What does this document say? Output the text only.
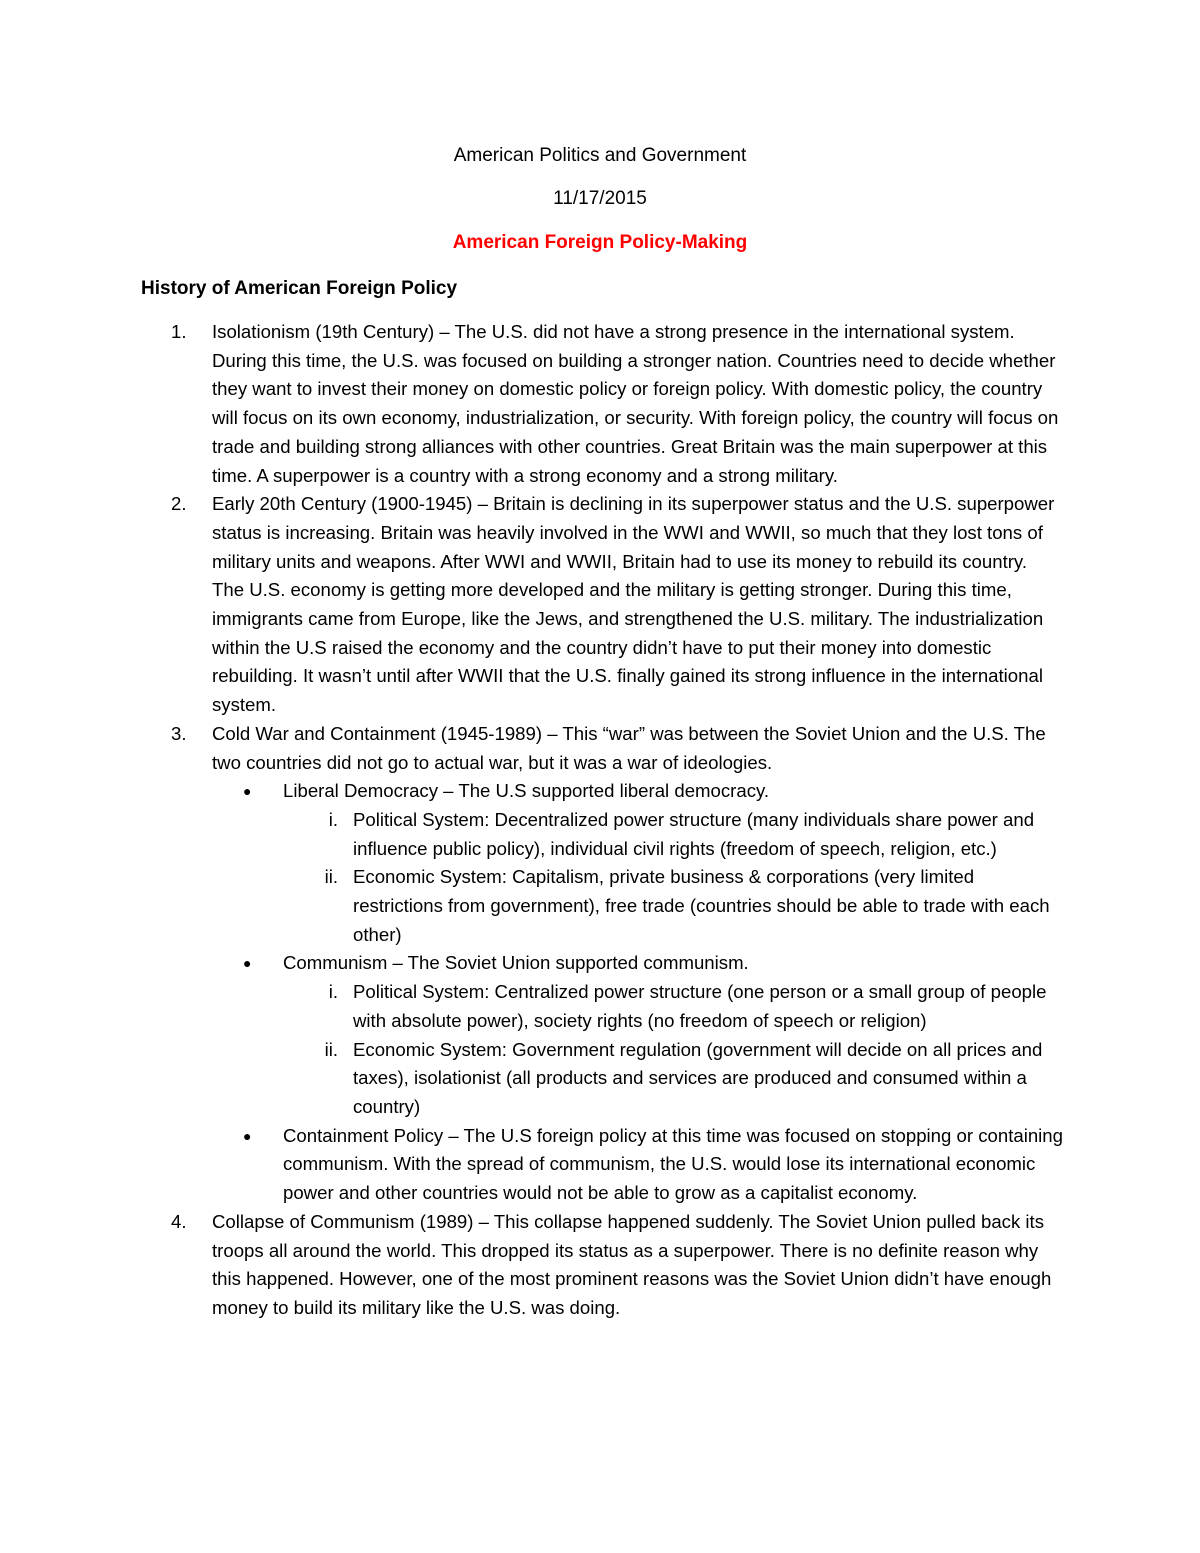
American Politics and Government
11/17/2015
American Foreign Policy-Making
History of American Foreign Policy
1. Isolationism (19th Century) – The U.S. did not have a strong presence in the international system. During this time, the U.S. was focused on building a stronger nation. Countries need to decide whether they want to invest their money on domestic policy or foreign policy. With domestic policy, the country will focus on its own economy, industrialization, or security. With foreign policy, the country will focus on trade and building strong alliances with other countries. Great Britain was the main superpower at this time. A superpower is a country with a strong economy and a strong military.
2. Early 20th Century (1900-1945) – Britain is declining in its superpower status and the U.S. superpower status is increasing. Britain was heavily involved in the WWI and WWII, so much that they lost tons of military units and weapons. After WWI and WWII, Britain had to use its money to rebuild its country. The U.S. economy is getting more developed and the military is getting stronger. During this time, immigrants came from Europe, like the Jews, and strengthened the U.S. military. The industrialization within the U.S raised the economy and the country didn’t have to put their money into domestic rebuilding. It wasn’t until after WWII that the U.S. finally gained its strong influence in the international system.
3. Cold War and Containment (1945-1989) – This “war” was between the Soviet Union and the U.S. The two countries did not go to actual war, but it was a war of ideologies.
● Liberal Democracy – The U.S supported liberal democracy.
i. Political System: Decentralized power structure (many individuals share power and influence public policy), individual civil rights (freedom of speech, religion, etc.)
ii. Economic System: Capitalism, private business & corporations (very limited restrictions from government), free trade (countries should be able to trade with each other)
● Communism – The Soviet Union supported communism.
i. Political System: Centralized power structure (one person or a small group of people with absolute power), society rights (no freedom of speech or religion)
ii. Economic System: Government regulation (government will decide on all prices and taxes), isolationist (all products and services are produced and consumed within a country)
● Containment Policy – The U.S foreign policy at this time was focused on stopping or containing communism. With the spread of communism, the U.S. would lose its international economic power and other countries would not be able to grow as a capitalist economy.
4. Collapse of Communism (1989) – This collapse happened suddenly. The Soviet Union pulled back its troops all around the world. This dropped its status as a superpower. There is no definite reason why this happened. However, one of the most prominent reasons was the Soviet Union didn’t have enough money to build its military like the U.S. was doing.
